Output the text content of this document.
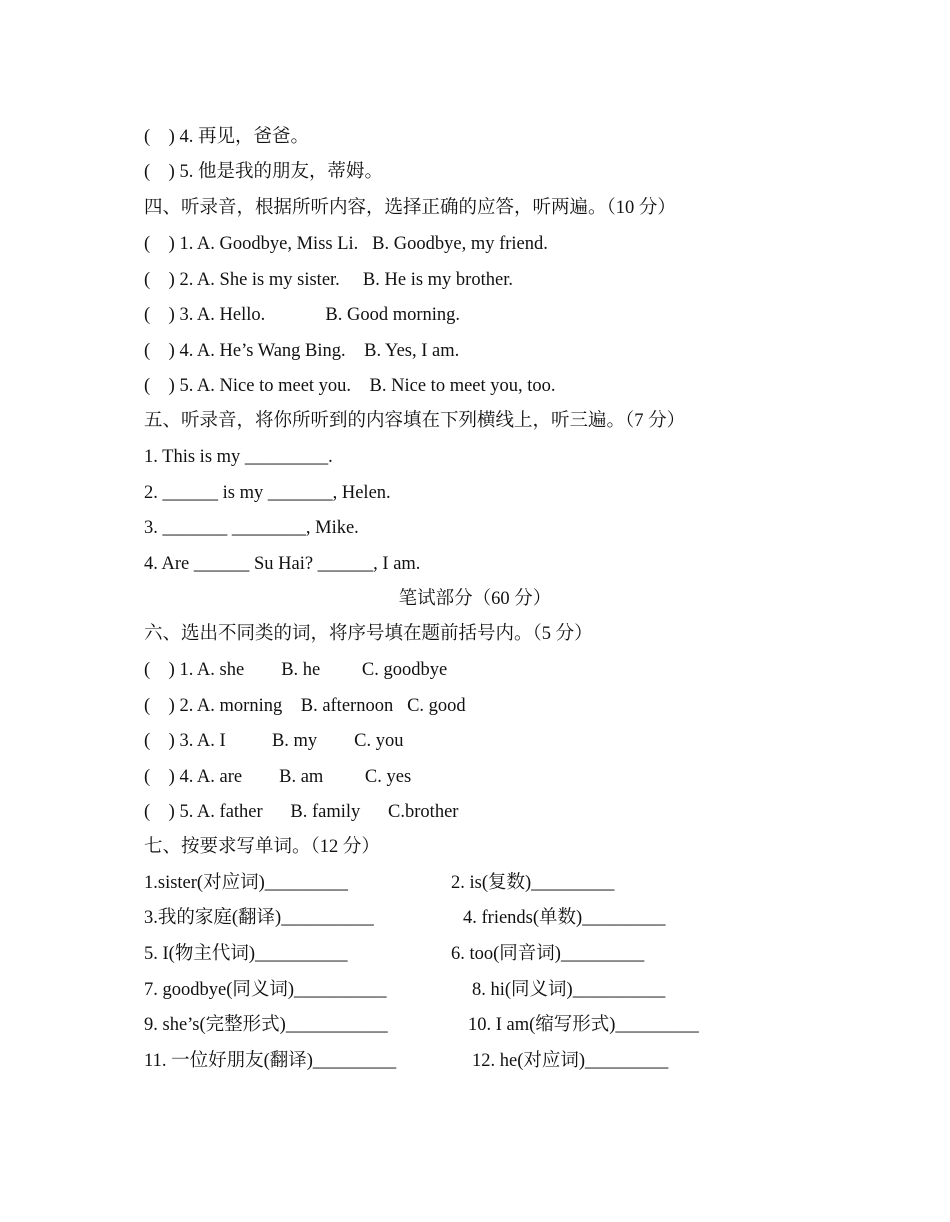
(    ) 4. 再见，爸爸。
(    ) 5. 他是我的朋友，蒂姆。
四、听录音，根据所听内容，选择正确的应答，听两遍。（10 分）
(    ) 1. A. Goodbye, Miss Li.   B. Goodbye, my friend.
(    ) 2. A. She is my sister.     B. He is my brother.
(    ) 3. A. Hello.             B. Good morning.
(    ) 4. A. He’s Wang Bing.    B. Yes, I am.
(    ) 5. A. Nice to meet you.    B. Nice to meet you, too.
五、听录音，将你所听到的内容填在下列横线上，听三遍。（7 分）
1. This is my _________.
2. ______ is my _______, Helen.
3. _______ ________, Mike.
4. Are ______ Su Hai? ______, I am.
笔试部分（60 分）
六、选出不同类的词，将序号填在题前括号内。（5 分）
(    ) 1. A. she        B. he         C. goodbye
(    ) 2. A. morning    B. afternoon   C. good
(    ) 3. A. I          B. my        C. you
(    ) 4. A. are        B. am         C. yes
(    ) 5. A. father      B. family      C.brother
七、按要求写单词。（12 分）
1.sister(对应词)_________	2. is(复数)_________
3.我的家庭(翻译)__________	4. friends(单数)_________
5. I(物主代词)__________	6. too(同音词)_________
7. goodbye(同义词)__________	8. hi(同义词)__________
9. she’s(完整形式)___________	10. I am(缩写形式)_________
11. 一位好朋友(翻译)_________	12. he(对应词)_________
